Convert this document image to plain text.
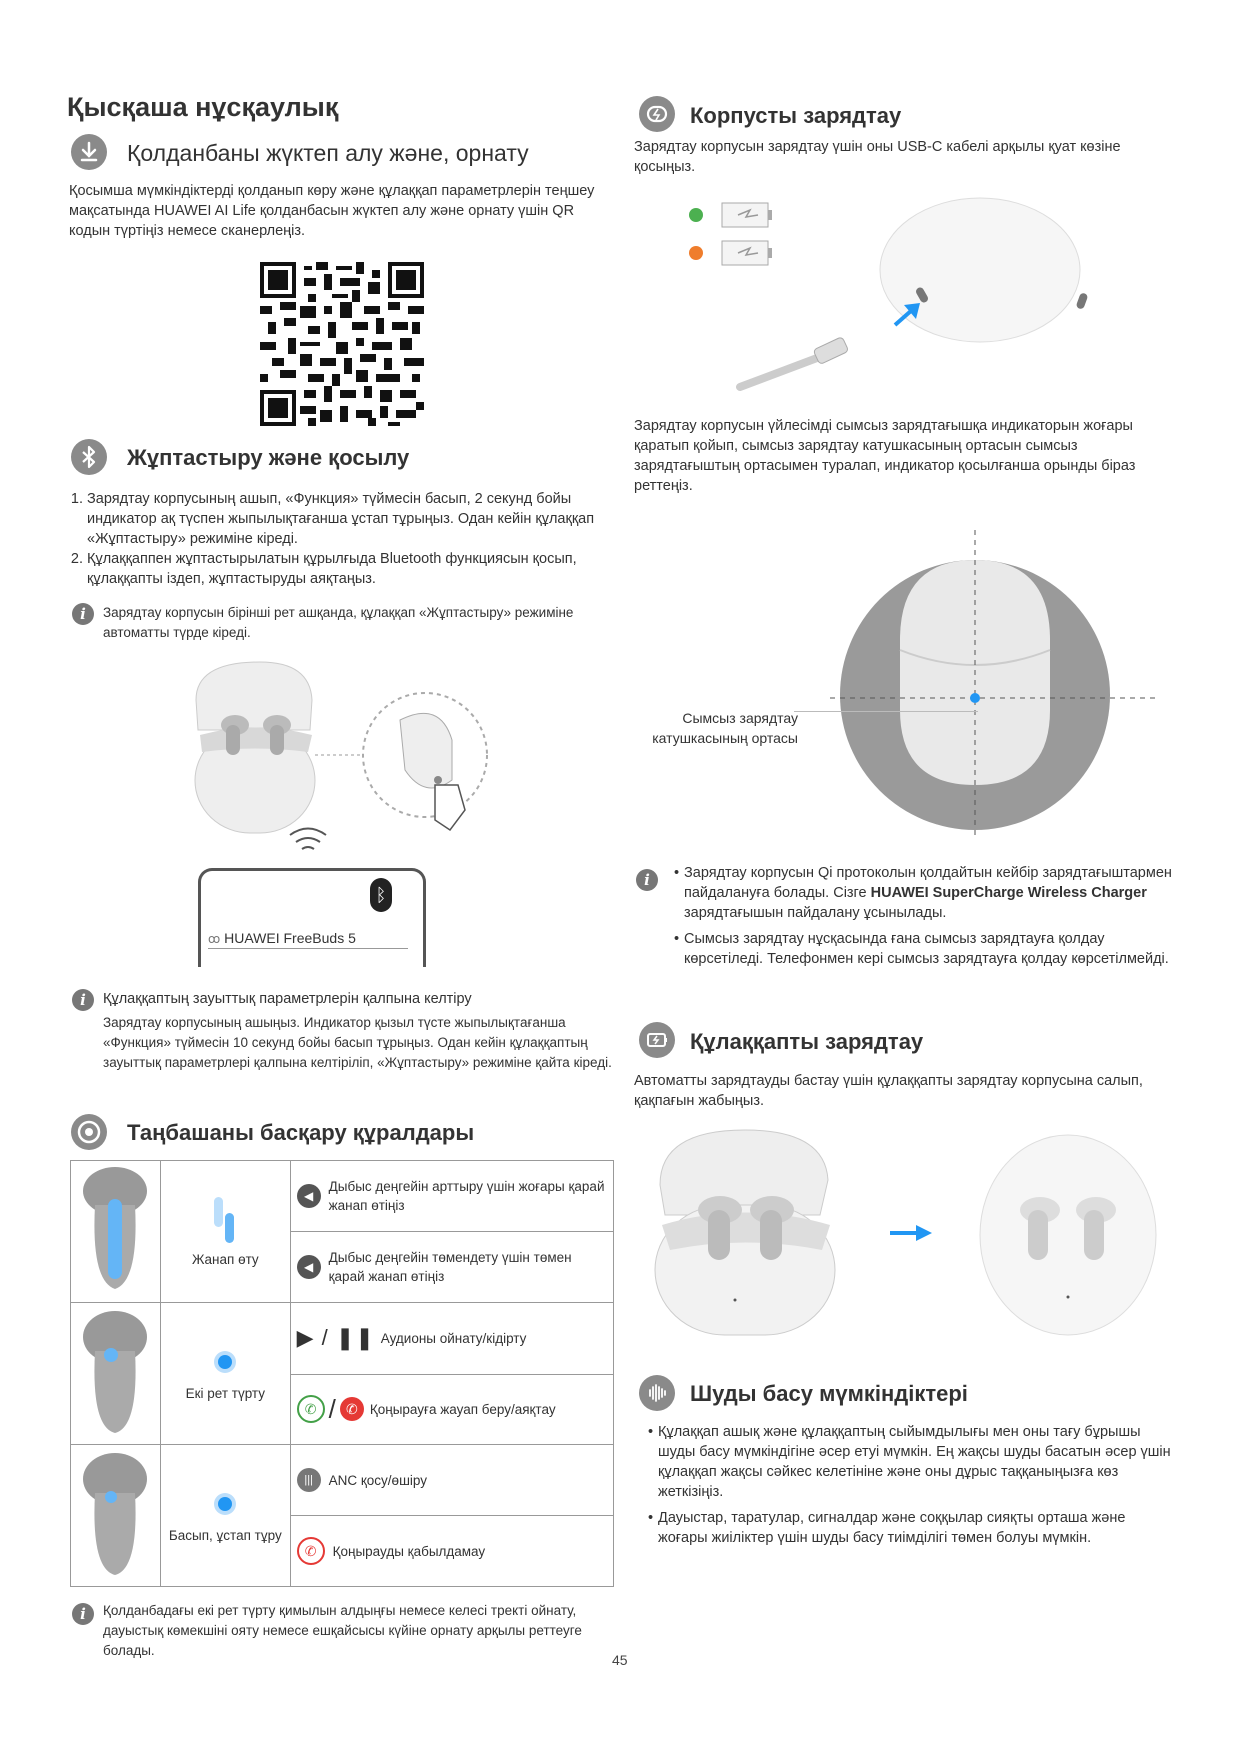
Қысқаша нұсқаулық
Қолданбаны жүктеп алу және, орнату
Қосымша мүмкіндіктерді қолданып көру және құлаққап параметрлерін теңшеу мақсатында HUAWEI AI Life қолданбасын жүктеп алу және орнату үшін QR кодын түртіңіз немесе сканерлеңіз.
Жұптастыру және қосылу
1. Зарядтау корпусының ашып, «Функция» түймесін басып, 2 секунд бойы индикатор ақ түспен жыпылықтағанша ұстап тұрыңыз. Одан кейін құлаққап «Жұптастыру» режиміне кіреді.
2. Құлаққаппен жұптастырылатын құрылғыда Bluetooth функциясын қосып, құлаққапты іздеп, жұптастыруды аяқтаңыз.
i	Зарядтау корпусын бірінші рет ашқанда, құлаққап «Жұптастыру» режиміне автоматты түрде кіреді.
ᛒ
ꝏ HUAWEI FreeBuds 5
i	Құлаққаптың зауыттық параметрлерін қалпына келтіру
Зарядтау корпусының ашыңыз. Индикатор қызыл түсте жыпылықтағанша «Функция» түймесін 10 секунд бойы басып тұрыңыз. Одан кейін құлаққаптың зауыттық параметрлері қалпына келтіріліп, «Жұптастыру» режиміне қайта кіреді.
Таңбашаны басқару құралдары

Жанап өту	◀
Дыбыс деңгейін арттыру үшін жоғары қарай жанап өтіңіз

		◀
Дыбыс деңгейін төмендету үшін төмен қарай жанап өтіңіз

Екі рет түрту	▶ / ❚❚ Аудионы ойнату/кідірту

		✆ / ✆ Қоңырауға жауап беру/аяқтау

Басып, ұстап тұру	||| ANC қосу/өшіру

		✆ Қоңырауды қабылдамау
i	Қолданбадағы екі рет түрту қимылын алдыңғы немесе келесі тректі ойнату, дауыстық көмекшіні ояту немесе ешқайсысы күйіне орнату арқылы реттеуге болады.
Корпусты зарядтау
Зарядтау корпусын зарядтау үшін оны USB-C кабелі арқылы қуат көзіне қосыңыз.
Зарядтау корпусын үйлесімді сымсыз зарядтағышқа индикаторын жоғары қаратып қойып, сымсыз зарядтау катушкасының ортасын сымсыз зарядтағыштың ортасымен туралап, индикатор қосылғанша орынды біраз реттеңіз.
Сымсыз зарядтау
катушкасының ортасы
i	• Зарядтау корпусын Qi протоколын қолдайтын кейбір зарядтағыштармен пайдалануға болады. Сізге HUAWEI SuperCharge Wireless Charger зарядтағышын пайдалану ұсынылады.
• Сымсыз зарядтау нұсқасында ғана сымсыз зарядтауға қолдау көрсетіледі. Телефонмен кері сымсыз зарядтауға қолдау көрсетілмейді.
Құлаққапты зарядтау
Автоматты зарядтауды бастау үшін құлаққапты зарядтау корпусына салып, қақпағын жабыңыз.
Шуды басу мүмкіндіктері
• Құлаққап ашық және құлаққаптың сыйымдылығы мен оны тағу бұрышы шуды басу мүмкіндігіне әсер етуі мүмкін. Ең жақсы шуды басатын әсер үшін құлаққап жақсы сәйкес келетініне және оны дұрыс таққаныңызға көз жеткізіңіз.
• Дауыстар, таратулар, сигналдар және соққылар сияқты орташа және жоғары жиіліктер үшін шуды басу тиімділігі төмен болуы мүмкін.
45
